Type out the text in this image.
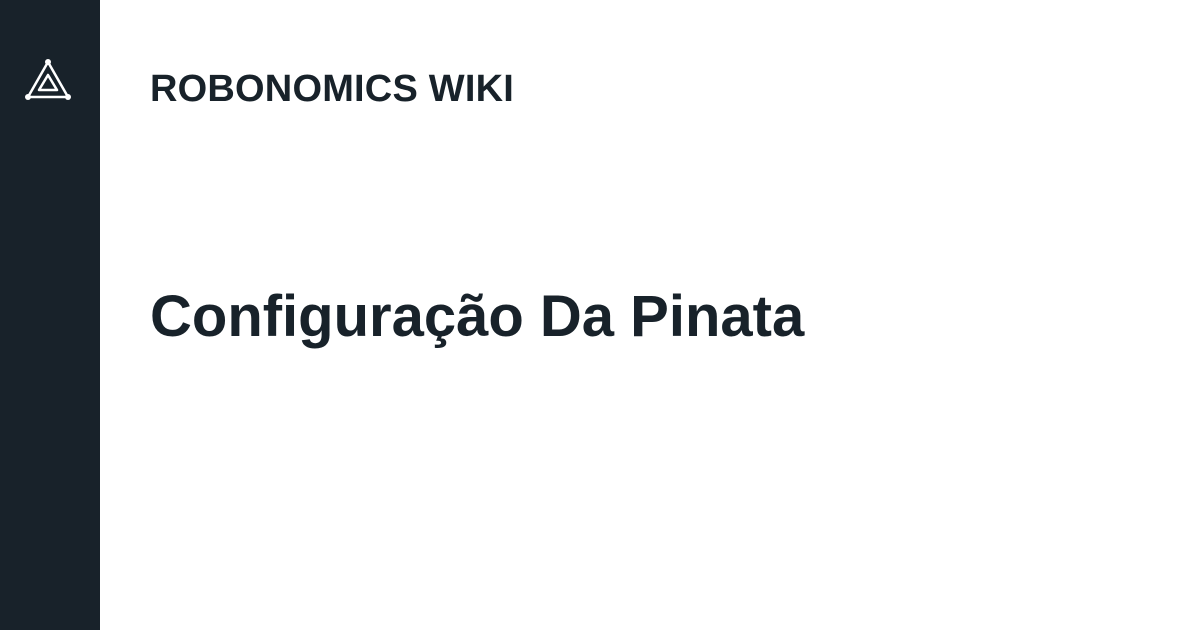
ROBONOMICS WIKI
Configuração Da Pinata
